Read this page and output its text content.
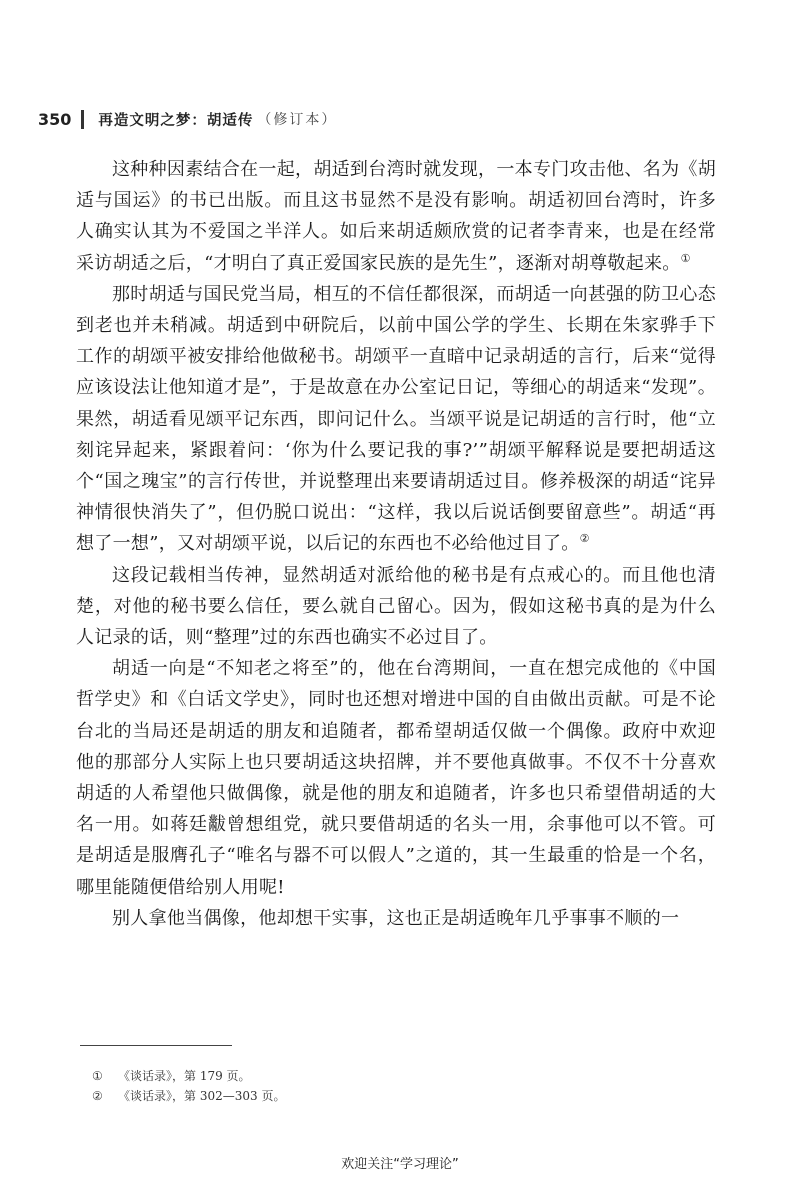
350 再造文明之梦：胡适传 （修订本）

这种种因素结合在一起，胡适到台湾时就发现，一本专门攻击他、名为《胡适与国运》的书已出版。而且这书显然不是没有影响。胡适初回台湾时，许多人确实认其为不爱国之半洋人。如后来胡适颇欣赏的记者李青来，也是在经常采访胡适之后，“才明白了真正爱国家民族的是先生”，逐渐对胡尊敬起来。①

那时胡适与国民党当局，相互的不信任都很深，而胡适一向甚强的防卫心态到老也并未稍减。胡适到中研院后，以前中国公学的学生、长期在朱家骅手下工作的胡颂平被安排给他做秘书。胡颂平一直暗中记录胡适的言行，后来“觉得应该设法让他知道才是”，于是故意在办公室记日记，等细心的胡适来“发现”。果然，胡适看见颂平记东西，即问记什么。当颂平说是记胡适的言行时，他“立刻诧异起来，紧跟着问：‘你为什么要记我的事?’”胡颂平解释说是要把胡适这个“国之瑰宝”的言行传世，并说整理出来要请胡适过目。修养极深的胡适“诧异神情很快消失了”，但仍脱口说出：“这样，我以后说话倒要留意些”。胡适“再想了一想”，又对胡颂平说，以后记的东西也不必给他过目了。②

这段记载相当传神，显然胡适对派给他的秘书是有点戒心的。而且他也清楚，对他的秘书要么信任，要么就自己留心。因为，假如这秘书真的是为什么人记录的话，则“整理”过的东西也确实不必过目了。

胡适一向是“不知老之将至”的，他在台湾期间，一直在想完成他的《中国哲学史》和《白话文学史》，同时也还想对增进中国的自由做出贡献。可是不论台北的当局还是胡适的朋友和追随者，都希望胡适仅做一个偶像。政府中欢迎他的那部分人实际上也只要胡适这块招牌，并不要他真做事。不仅不十分喜欢胡适的人希望他只做偶像，就是他的朋友和追随者，许多也只希望借胡适的大名一用。如蒋廷黻曾想组党，就只要借胡适的名头一用，余事他可以不管。可是胡适是服膺孔子“唯名与器不可以假人”之道的，其一生最重的恰是一个名，哪里能随便借给别人用呢!

别人拿他当偶像，他却想干实事，这也正是胡适晚年几乎事事不顺的一

① 《谈话录》，第 179 页。
② 《谈话录》，第 302—303 页。
欢迎关注“学习理论”
